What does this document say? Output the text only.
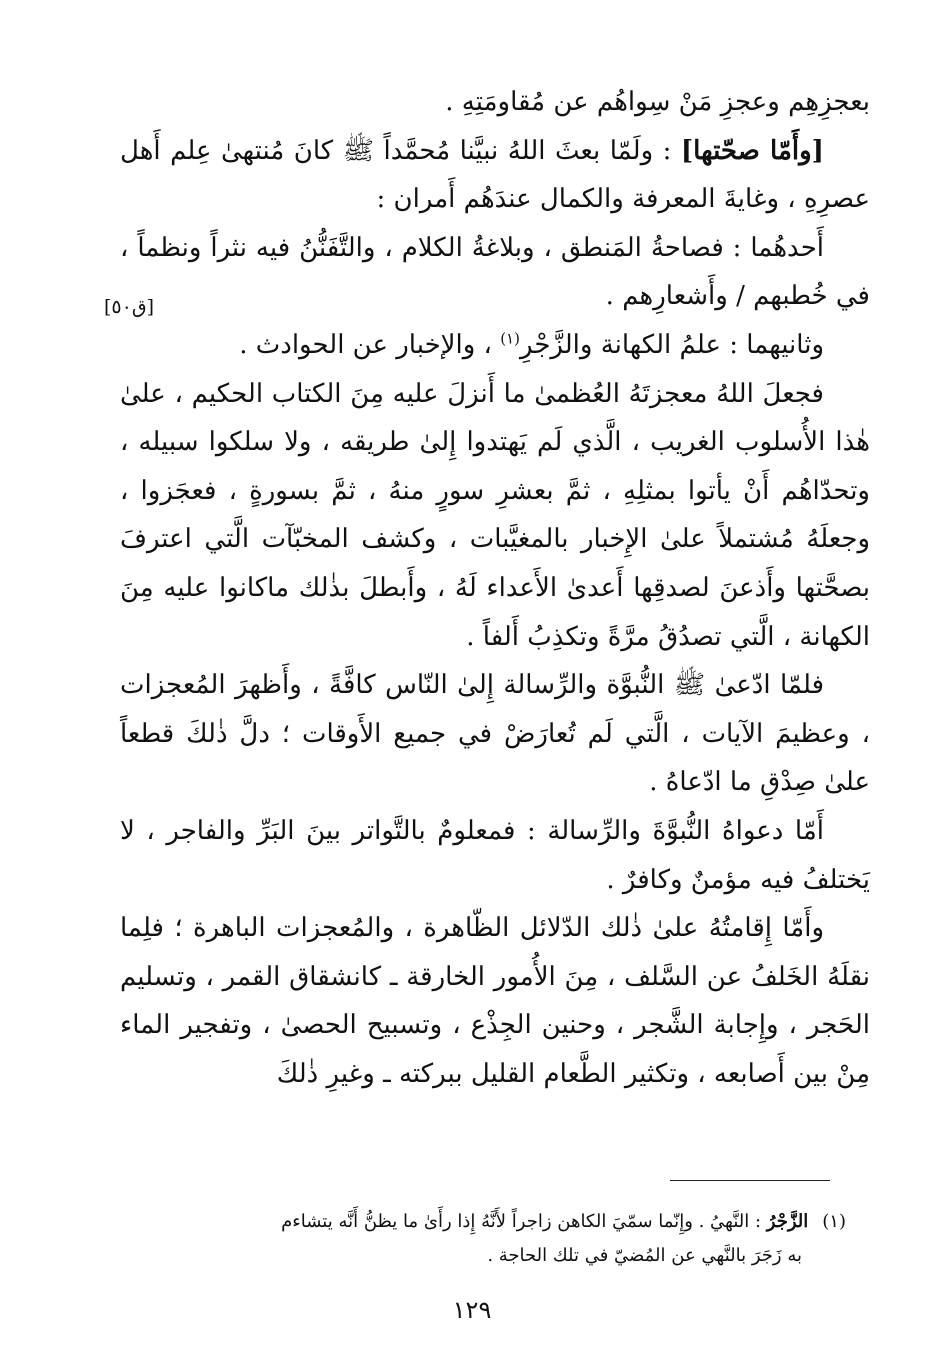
بعجزِهِم وعجزِ مَنْ سِواهُم عن مُقاومَتِهِ .

[وأَمّا صحّتها] : ولَمّا بعثَ اللهُ نبيَّنا مُحمَّداً ﷺ كانَ مُنتهىٰ عِلم أَهل عصرِهِ ، وغايةَ المعرفة والكمال عندَهُم أَمران :

أَحدهُما : فصاحةُ المَنطق ، وبلاغةُ الكلام ، والتَّفَنُّنُ فيه نثراً ونظماً ، في خُطبهم / وأَشعارِهم .

وثانيهما : علمُ الكهانة والزَّجْرِ$^{(١)}$ ، والإخبار عن الحوادث .

فجعلَ اللهُ معجزتَهُ العُظمىٰ ما أَنزلَ عليه مِنَ الكتاب الحكيم ، علىٰ هٰذا الأُسلوب الغريب ، الَّذي لَم يَهتدوا إِلىٰ طريقه ، ولا سلكوا سبيله ، وتحدّاهُم أَنْ يأتوا بمثلِهِ ، ثمَّ بعشرِ سورٍ منهُ ، ثمَّ بسورةٍ ، فعجَزوا ، وجعلَهُ مُشتملاً علىٰ الإِخبار بالمغيَّبات ، وكشف المخبّآت الَّتي اعترفَ بصحَّتها وأَذعنَ لصدقِها أَعدىٰ الأَعداء لَهُ ، وأَبطلَ بذٰلك ماكانوا عليه مِنَ الكهانة ، الَّتي تصدُقُ مرَّةً وتكذِبُ أَلفاً .

فلمّا ادّعىٰ ﷺ النُّبوَّة والرِّسالة إِلىٰ النّاس كافَّةً ، وأَظهرَ المُعجزات ، وعظيمَ الآيات ، الَّتي لَم تُعارَضْ في جميع الأَوقات ؛ دلَّ ذٰلكَ قطعاً علىٰ صِدْقِ ما ادّعاهُ .

أَمّا دعواهُ النُّبوَّةَ والرِّسالة : فمعلومٌ بالتَّواتر بينَ البَرِّ والفاجر ، لا يَختلفُ فيه مؤمنٌ وكافرٌ .

وأَمّا إِقامتُهُ علىٰ ذٰلك الدّلائل الظّاهرة ، والمُعجزات الباهرة ؛ فلِما نقلَهُ الخَلفُ عن السَّلف ، مِنَ الأُمور الخارقة ـ كانشقاق القمر ، وتسليم الحَجر ، وإِجابة الشَّجر ، وحنين الجِذْع ، وتسبيح الحصىٰ ، وتفجير الماء مِنْ بين أَصابعه ، وتكثير الطَّعام القليل ببركته ـ وغيرِ ذٰلكَ

[ق٥٠]

(١)الزَّجْرُ : النَّهيُ . وإِنّما سمّيَ الكاهن زاجراً لأَنَّهُ إِذا رأَىٰ ما يظنُّ أَنَّه يتشاءم

به زَجَرَ بالنَّهي عن المُضيّ في تلك الحاجة .

١٢٩
